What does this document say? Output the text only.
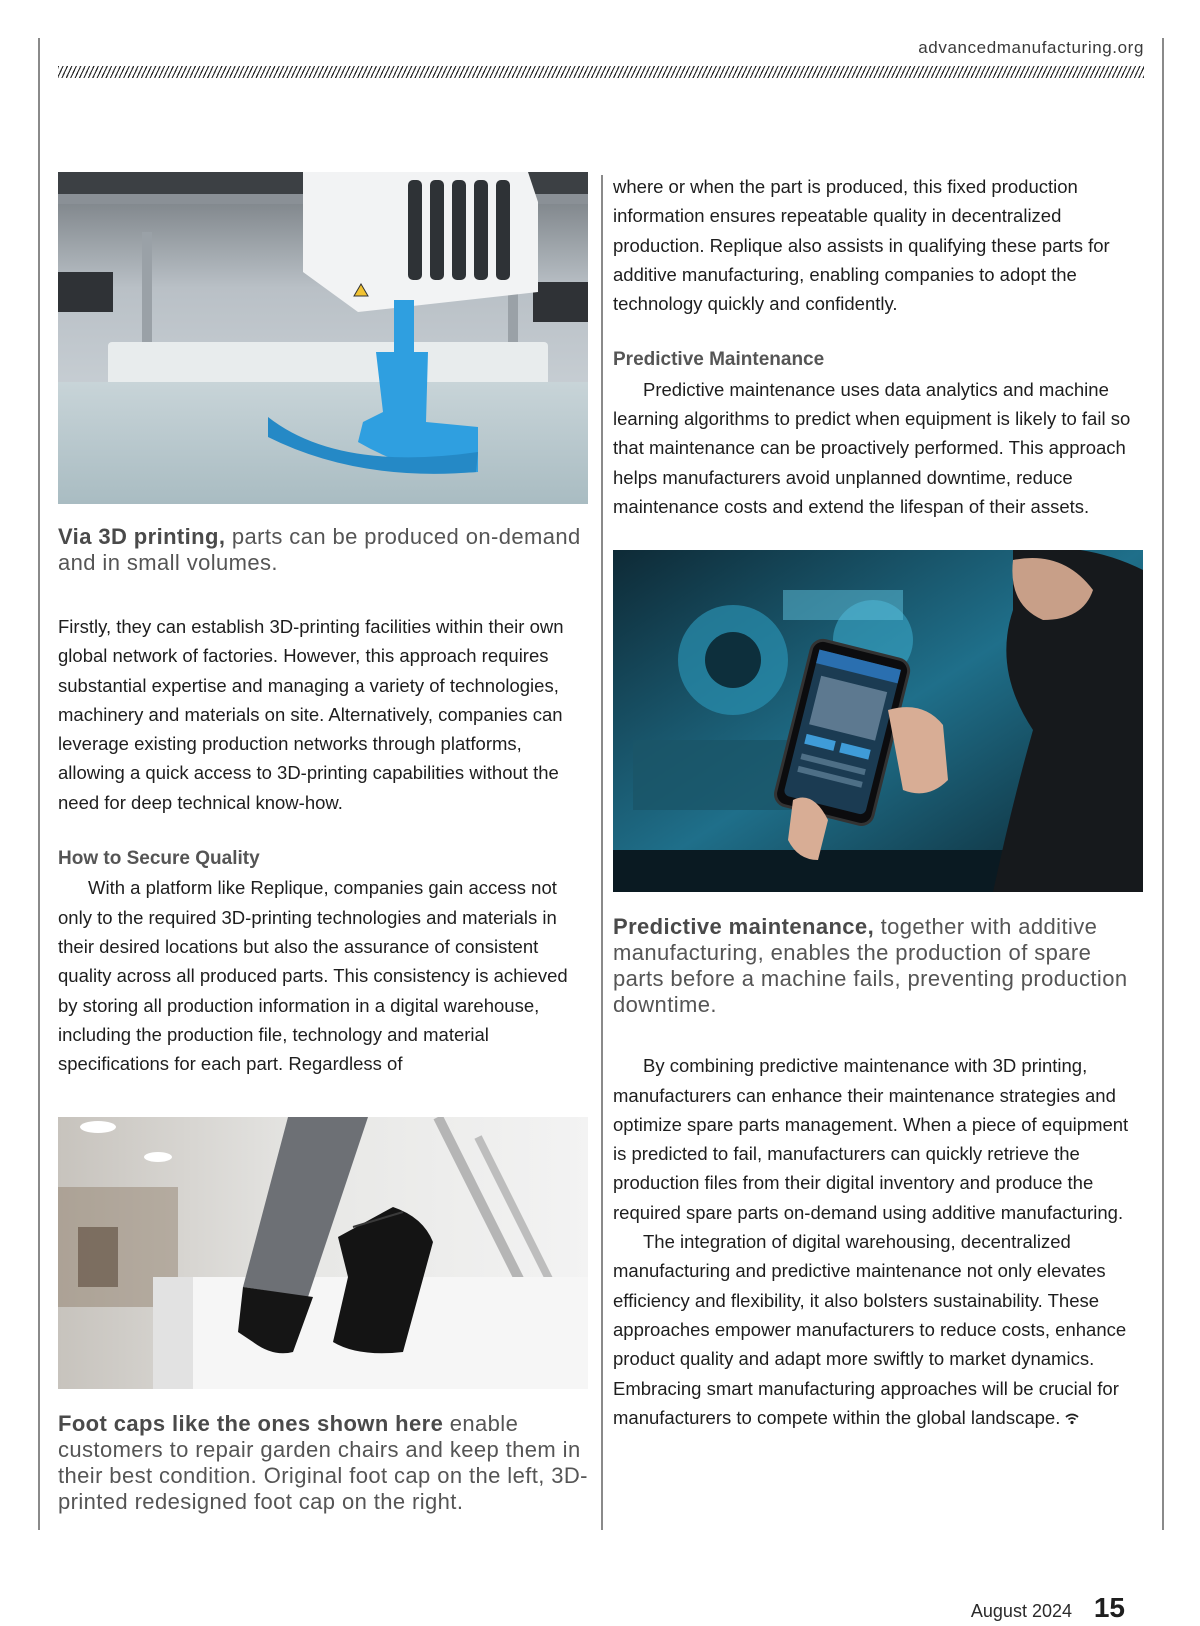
advancedmanufacturing.org

Via 3D printing, parts can be produced on-demand and in small volumes.

Firstly, they can establish 3D-printing facilities within their own global network of factories. However, this approach requires substantial expertise and managing a variety of technologies, machinery and materials on site. Alternatively, companies can leverage existing production networks through platforms, allowing a quick access to 3D-printing capabilities without the need for deep technical know-how.

How to Secure Quality

With a platform like Replique, companies gain access not only to the required 3D-printing technologies and materials in their desired locations but also the assurance of consistent quality across all produced parts. This consistency is achieved by storing all production information in a digital warehouse, including the production file, technology and material specifications for each part. Regardless of

Foot caps like the ones shown here enable customers to repair garden chairs and keep them in their best condition. Original foot cap on the left, 3D-printed redesigned foot cap on the right.

where or when the part is produced, this fixed production information ensures repeatable quality in decentralized production. Replique also assists in qualifying these parts for additive manufacturing, enabling companies to adopt the technology quickly and confidently.

Predictive Maintenance

Predictive maintenance uses data analytics and machine learning algorithms to predict when equipment is likely to fail so that maintenance can be proactively performed. This approach helps manufacturers avoid unplanned downtime, reduce maintenance costs and extend the lifespan of their assets.

Predictive maintenance, together with additive manufacturing, enables the production of spare parts before a machine fails, preventing production downtime.

By combining predictive maintenance with 3D printing, manufacturers can enhance their maintenance strategies and optimize spare parts management. When a piece of equipment is predicted to fail, manufacturers can quickly retrieve the production files from their digital inventory and produce the required spare parts on-demand using additive manufacturing.

The integration of digital warehousing, decentralized manufacturing and predictive maintenance not only elevates efficiency and flexibility, it also bolsters sustainability. These approaches empower manufacturers to reduce costs, enhance product quality and adapt more swiftly to market dynamics. Embracing smart manufacturing approaches will be crucial for manufacturers to compete within the global landscape.

August 2024 15
